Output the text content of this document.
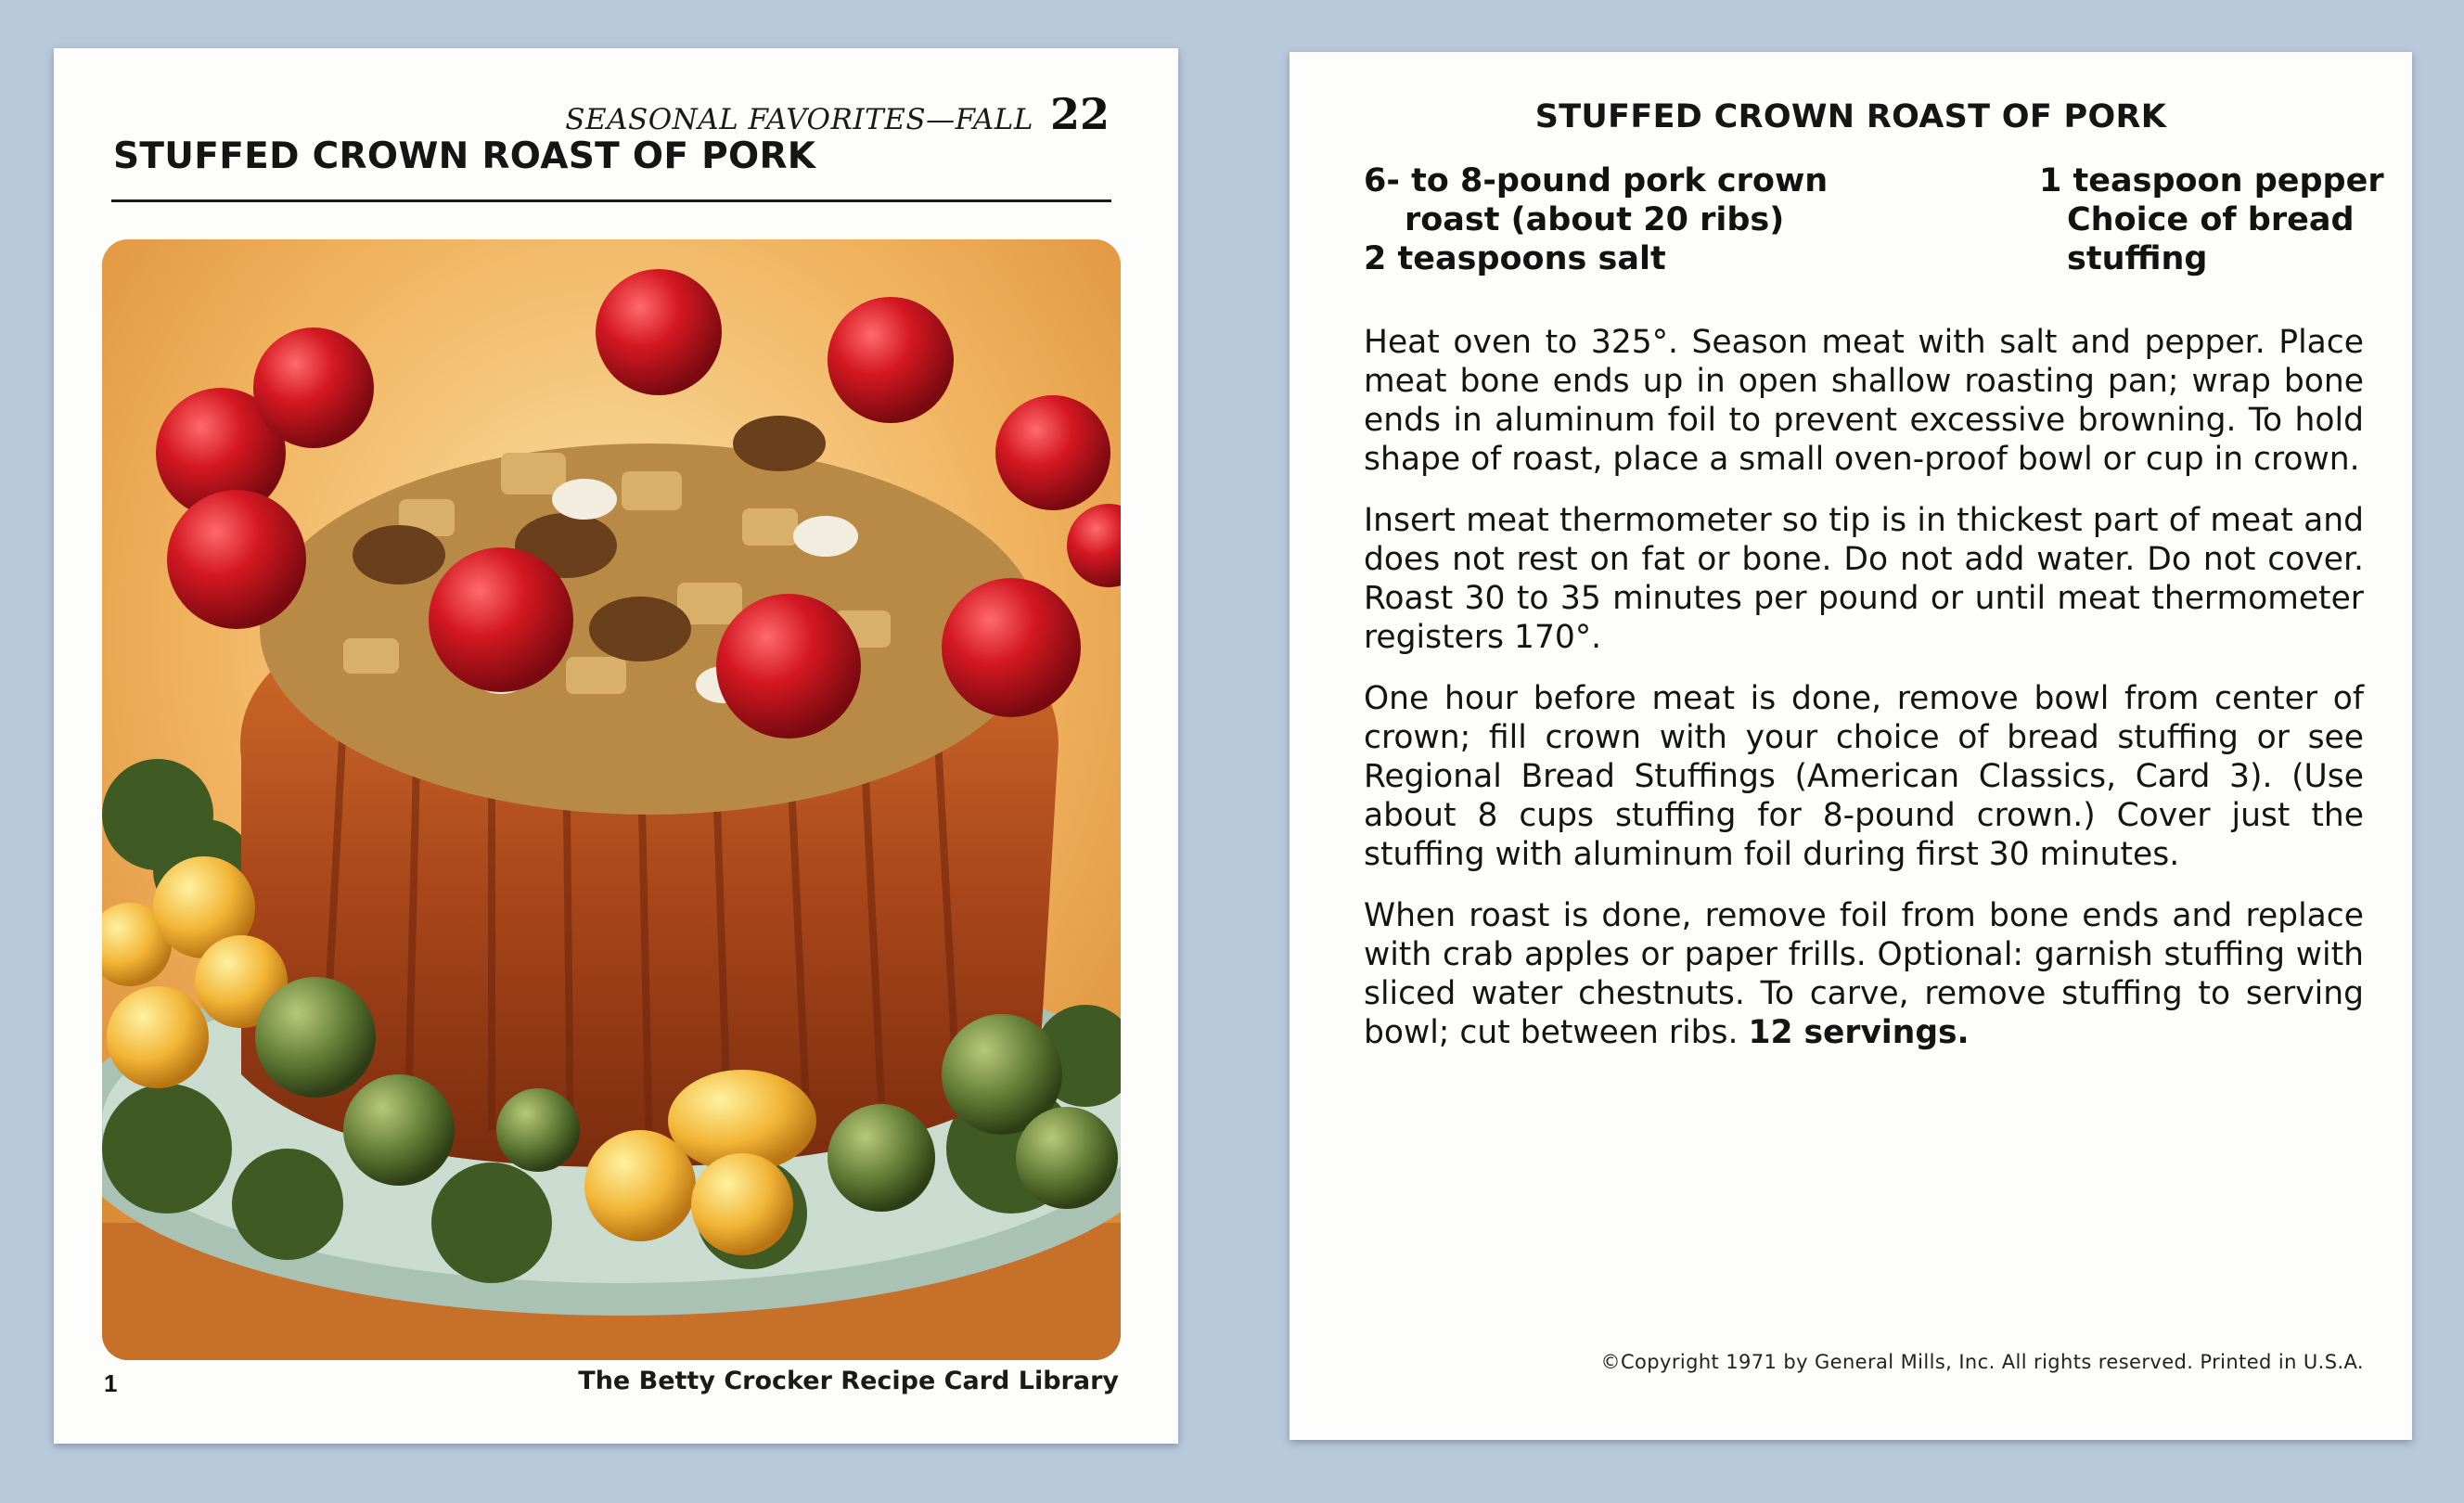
SEASONAL FAVORITES—FALL 22
STUFFED CROWN ROAST OF PORK
1	The Betty Crocker Recipe Card Library
STUFFED CROWN ROAST OF PORK
6- to 8-pound pork crown
roast (about 20 ribs)
2 teaspoons salt
1 teaspoon pepper
Choice of bread
stuffing

Heat oven to 325°. Season meat with salt and pepper. Place meat bone ends up in open shallow roasting pan; wrap bone ends in aluminum foil to prevent excessive browning. To hold shape of roast, place a small oven-proof bowl or cup in crown.

Insert meat thermometer so tip is in thickest part of meat and does not rest on fat or bone. Do not add water. Do not cover. Roast 30 to 35 minutes per pound or until meat thermometer registers 170°.

One hour before meat is done, remove bowl from center of crown; fill crown with your choice of bread stuffing or see Regional Bread Stuffings (American Classics, Card 3). (Use about 8 cups stuffing for 8-pound crown.) Cover just the stuffing with aluminum foil during first 30 minutes.

When roast is done, remove foil from bone ends and replace with crab apples or paper frills. Optional: garnish stuffing with sliced water chestnuts. To carve, remove stuffing to serving bowl; cut between ribs. 12 servings.

©Copyright 1971 by General Mills, Inc. All rights reserved. Printed in U.S.A.
